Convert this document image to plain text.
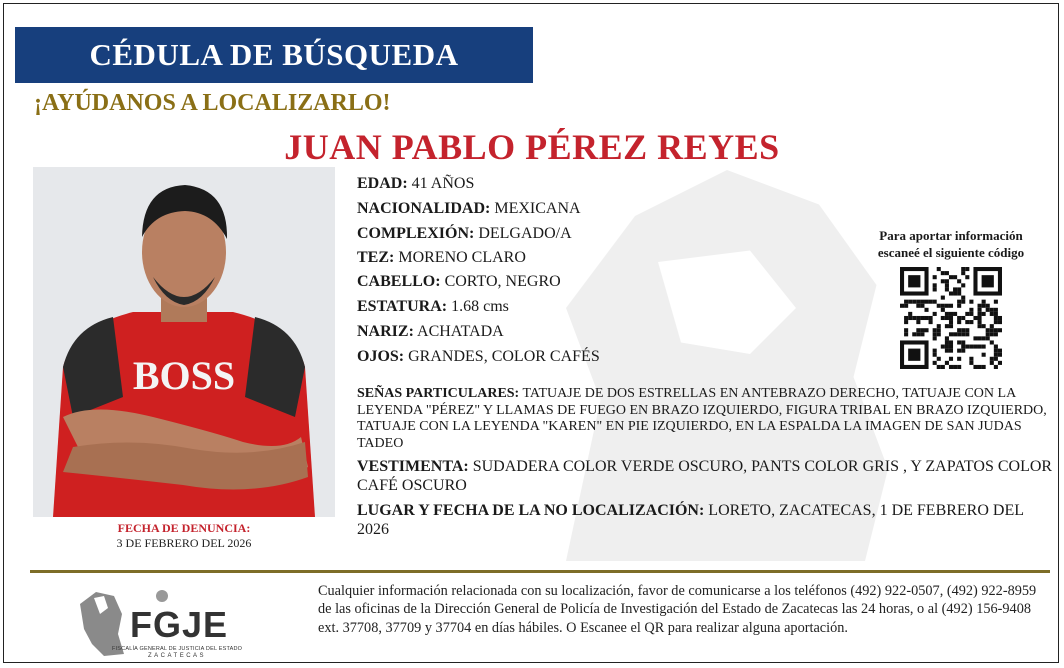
CÉDULA DE BÚSQUEDA
¡AYÚDANOS A LOCALIZARLO!
JUAN PABLO PÉREZ REYES
BOSS
FECHA DE DENUNCIA:
3 DE FEBRERO DEL 2026
EDAD: 41 AÑOS
NACIONALIDAD: MEXICANA
COMPLEXIÓN: DELGADO/A
TEZ: MORENO CLARO
CABELLO: CORTO, NEGRO
ESTATURA: 1.68 cms
NARIZ: ACHATADA
OJOS: GRANDES, COLOR CAFÉS
SEÑAS PARTICULARES: TATUAJE DE DOS ESTRELLAS EN ANTEBRAZO DERECHO, TATUAJE CON LA LEYENDA "PÉREZ" Y LLAMAS DE FUEGO EN BRAZO IZQUIERDO, FIGURA TRIBAL EN BRAZO IZQUIERDO, TATUAJE CON LA LEYENDA "KAREN" EN PIE IZQUIERDO, EN LA ESPALDA LA IMAGEN DE SAN JUDAS TADEO
VESTIMENTA: SUDADERA COLOR VERDE OSCURO, PANTS COLOR GRIS , Y ZAPATOS COLOR CAFÉ OSCURO
LUGAR Y FECHA DE LA NO LOCALIZACIÓN: LORETO, ZACATECAS, 1 DE FEBRERO DEL 2026
Para aportar información
escaneé el siguiente código
FGJE
FISCALÍA GENERAL DE JUSTICIA DEL ESTADO
ZACATECAS
Cualquier información relacionada con su localización, favor de comunicarse a los teléfonos (492) 922-0507, (492) 922-8959 de las oficinas de la Dirección General de Policía de Investigación del Estado de Zacatecas las 24 horas, o al (492) 156-9408 ext. 37708, 37709 y 37704 en días hábiles. O Escanee el QR para realizar alguna aportación.
